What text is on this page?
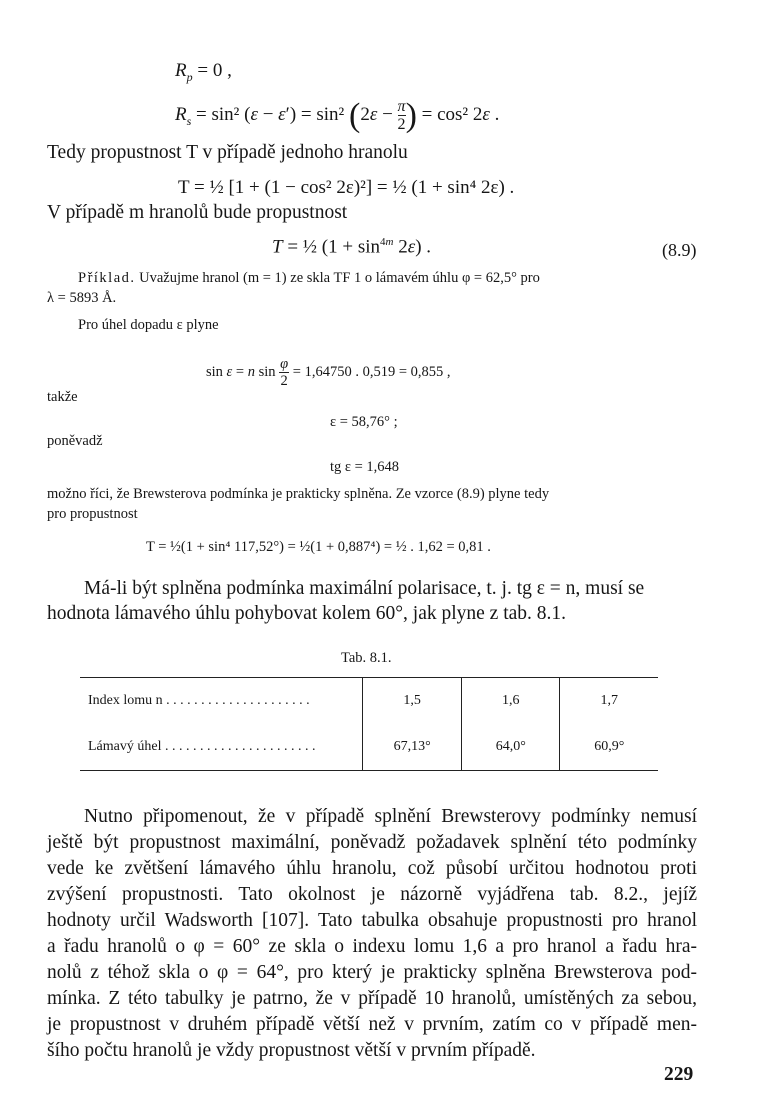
$R_p = 0$ ,
$R_s = \sin^2$ (ε − ε′) = sin² ($2\varepsilon - \frac{\pi}{2}$ ) = cos² 2ε .
Tedy propustnost T v případě jednoho hranolu
T = ½ [1 + (1 − cos² 2ε)²] = ½ (1 + sin⁴ 2ε) .
V případě m hranolů bude propustnost
T = ½ $(1 + \sin^{4m} 2\varepsilon)$ .	(8.9)
Příklad. Uvažujme hranol (m = 1) ze skla TF 1 o lámavém úhlu φ = 62,5° pro
λ = 5893 Å.
Pro úhel dopadu ε plyne
sin ε = n $\sin \frac{\varphi}{2} = 1,64750$ . 0,519 = 0,855 ,
takže
ε = 58,76° ;
poněvadž
tg ε = 1,648
možno říci, že Brewsterova podmínka je prakticky splněna. Ze vzorce (8.9) plyne tedy
pro propustnost
T = ½(1 + sin⁴ 117,52°) = ½(1 + 0,887⁴) = ½ . 1,62 = 0,81 .
Má-li být splněna podmínka maximální polarisace, t. j. tg ε = n, musí se
hodnota lámavého úhlu pohybovat kolem 60°, jak plyne z tab. 8.1.
Tab. 8.1.
Index lomu n . . . . . . . . . . . . . . . . . . . . .	1,5	1,6	1,7
Lámavý úhel . . . . . . . . . . . . . . . . . . . . . .	67,13°	64,0°	60,9°
Nutno připomenout, že v případě splnění Brewsterovy podmínky nemusí
ještě být propustnost maximální, poněvadž požadavek splnění této podmínky
vede ke zvětšení lámavého úhlu hranolu, což působí určitou hodnotou proti
zvýšení propustnosti. Tato okolnost je názorně vyjádřena tab. 8.2., jejíž
hodnoty určil Wadsworth [107]. Tato tabulka obsahuje propustnosti pro hranol
a řadu hranolů o φ = 60° ze skla o indexu lomu 1,6 a pro hranol a řadu hra-
nolů z téhož skla o φ = 64°, pro který je prakticky splněna Brewsterova pod-
mínka. Z této tabulky je patrno, že v případě 10 hranolů, umístěných za sebou,
je propustnost v druhém případě větší než v prvním, zatím co v případě men-
šího počtu hranolů je vždy propustnost větší v prvním případě.
229
